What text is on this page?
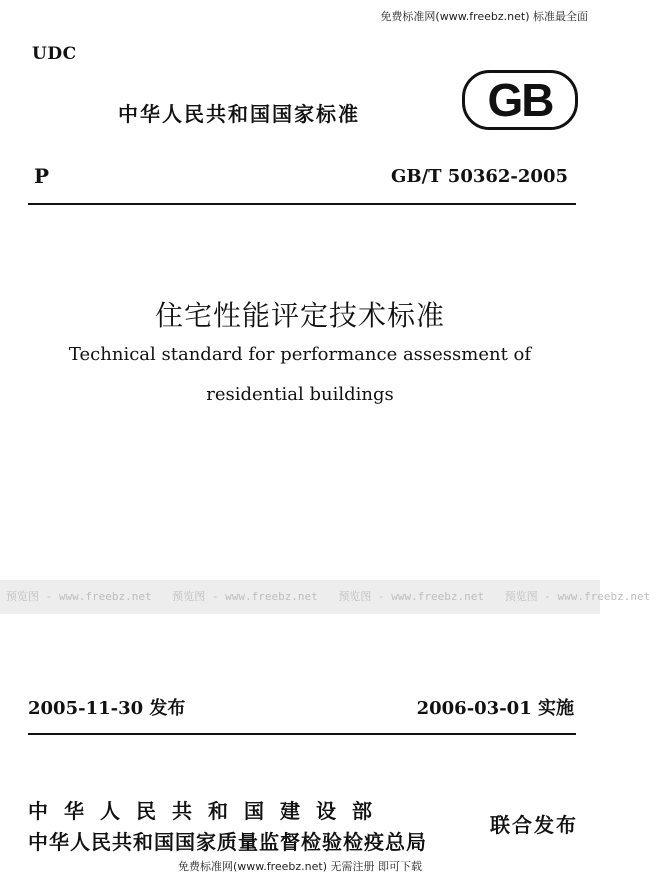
免费标准网(www.freebz.net) 标准最全面
UDC
中华人民共和国国家标准	GB
P	GB/T 50362-2005
住宅性能评定技术标准
Technical standard for performance assessment of
residential buildings
预览图 - www.freebz.net 预览图 - www.freebz.net 预览图 - www.freebz.net 预览图 - www.freebz.net
2005-11-30 发布	2006-03-01 实施
中华人民共和国建设部
中华人民共和国国家质量监督检验检疫总局
联合发布
免费标准网(www.freebz.net) 无需注册 即可下载
